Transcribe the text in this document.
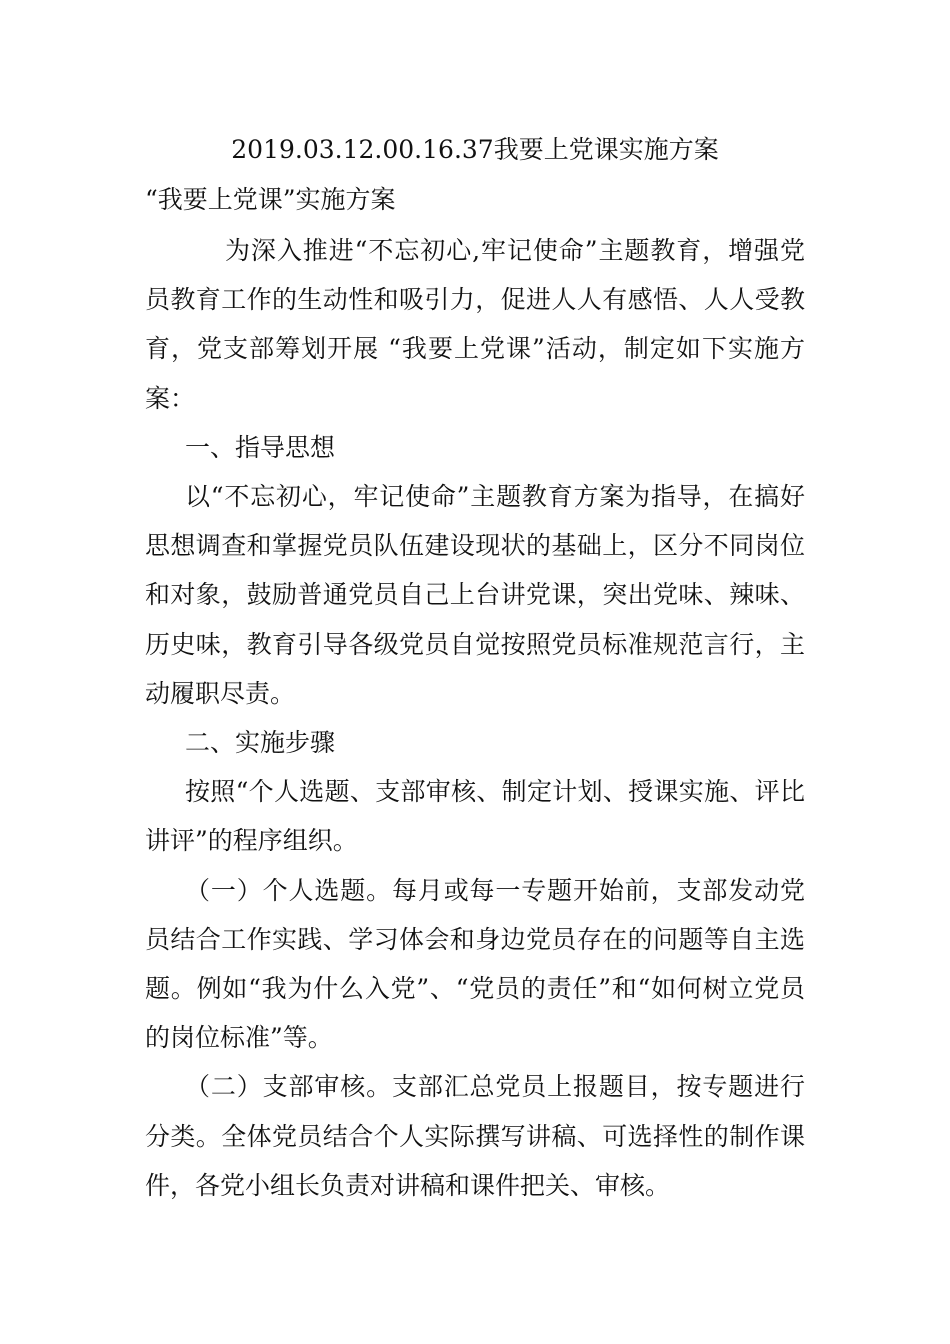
2019.03.12.00.16.37我要上党课实施方案
“我要上党课”实施方案

为深入推进“不忘初心,牢记使命”主题教育，增强党员教育工作的生动性和吸引力，促进人人有感悟、人人受教育，党支部筹划开展 “我要上党课”活动，制定如下实施方案：

一、指导思想

以“不忘初心，牢记使命”主题教育方案为指导，在搞好思想调查和掌握党员队伍建设现状的基础上，区分不同岗位和对象，鼓励普通党员自己上台讲党课，突出党味、辣味、历史味，教育引导各级党员自觉按照党员标准规范言行，主动履职尽责。

二、实施步骤

按照“个人选题、支部审核、制定计划、授课实施、评比讲评”的程序组织。

（一）个人选题。每月或每一专题开始前，支部发动党员结合工作实践、学习体会和身边党员存在的问题等自主选题。例如“我为什么入党”、“党员的责任”和“如何树立党员的岗位标准”等。

（二）支部审核。支部汇总党员上报题目，按专题进行分类。全体党员结合个人实际撰写讲稿、可选择性的制作课件，各党小组长负责对讲稿和课件把关、审核。
